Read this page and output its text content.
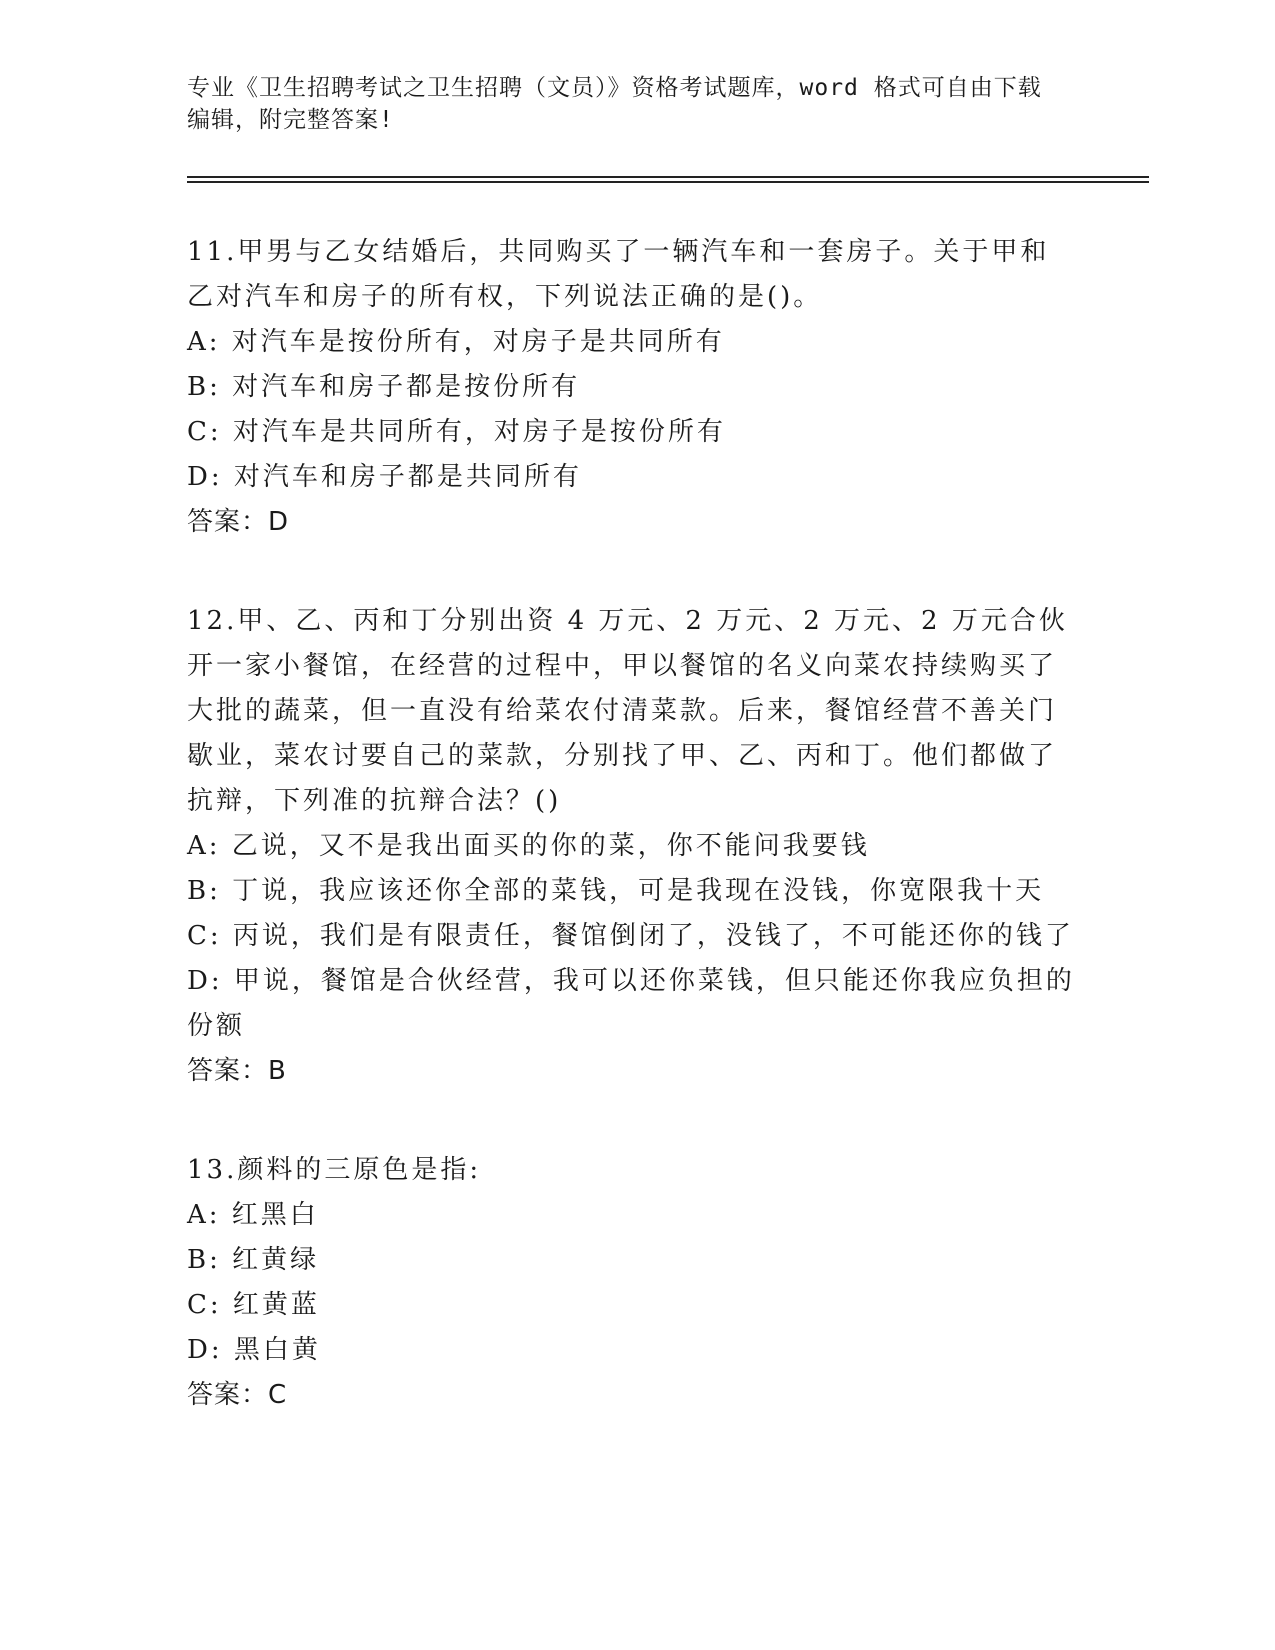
专业《卫生招聘考试之卫生招聘（文员）》资格考试题库，word 格式可自由下载
编辑，附完整答案!
11.甲男与乙女结婚后，共同购买了一辆汽车和一套房子。关于甲和乙对汽车和房子的所有权，下列说法正确的是()。
A: 对汽车是按份所有，对房子是共同所有
B: 对汽车和房子都是按份所有
C: 对汽车是共同所有，对房子是按份所有
D: 对汽车和房子都是共同所有
答案：D
12.甲、乙、丙和丁分别出资 4 万元、2 万元、2 万元、2 万元合伙开一家小餐馆，在经营的过程中，甲以餐馆的名义向菜农持续购买了大批的蔬菜，但一直没有给菜农付清菜款。后来，餐馆经营不善关门歇业，菜农讨要自己的菜款，分别找了甲、乙、丙和丁。他们都做了抗辩，下列准的抗辩合法？()
A: 乙说，又不是我出面买的你的菜，你不能问我要钱
B: 丁说，我应该还你全部的菜钱，可是我现在没钱，你宽限我十天
C: 丙说，我们是有限责任，餐馆倒闭了，没钱了，不可能还你的钱了
D: 甲说，餐馆是合伙经营，我可以还你菜钱，但只能还你我应负担的份额
答案：B
13.颜料的三原色是指:
A: 红黑白
B: 红黄绿
C: 红黄蓝
D: 黑白黄
答案：C
